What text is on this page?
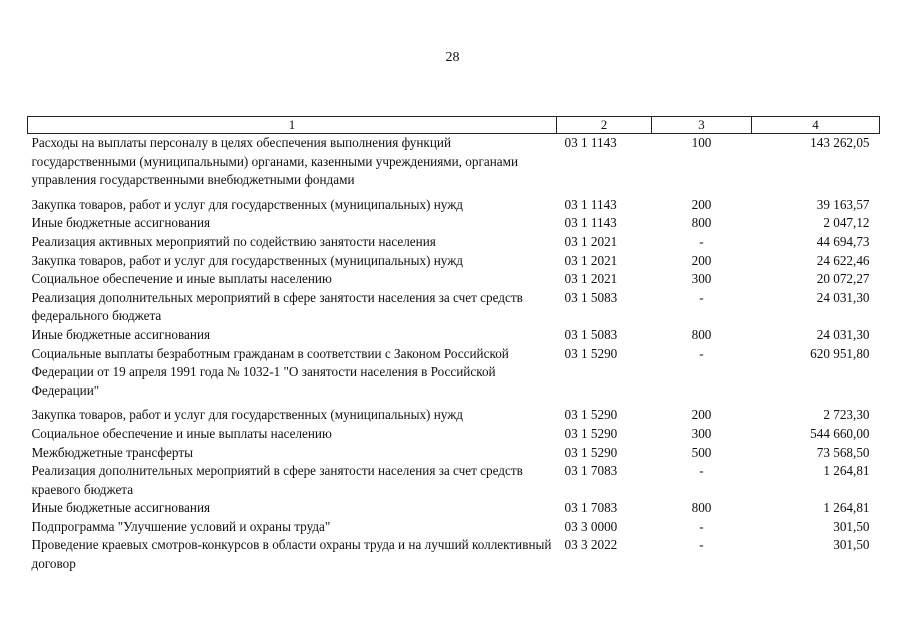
28
1	2	3	4
Расходы на выплаты персоналу в целях обеспечения выполнения функций государственными (муниципальными) органами, казенными учреждениями, органами управления государственными внебюджетными фондами	03 1 1143	100	143 262,05
Закупка товаров, работ и услуг для государственных (муниципальных) нужд	03 1 1143	200	39 163,57
Иные бюджетные ассигнования	03 1 1143	800	2 047,12
Реализация активных мероприятий по содействию занятости населения	03 1 2021	-	44 694,73
Закупка товаров, работ и услуг для государственных (муниципальных) нужд	03 1 2021	200	24 622,46
Социальное обеспечение и иные выплаты населению	03 1 2021	300	20 072,27
Реализация дополнительных мероприятий в сфере занятости населения за счет средств федерального бюджета	03 1 5083	-	24 031,30
Иные бюджетные ассигнования	03 1 5083	800	24 031,30
Социальные выплаты безработным гражданам в соответствии с Законом Российской Федерации от 19 апреля 1991 года № 1032-1 "О занятости населения в Российской Федерации"	03 1 5290	-	620 951,80
Закупка товаров, работ и услуг для государственных (муниципальных) нужд	03 1 5290	200	2 723,30
Социальное обеспечение и иные выплаты населению	03 1 5290	300	544 660,00
Межбюджетные трансферты	03 1 5290	500	73 568,50
Реализация дополнительных мероприятий в сфере занятости населения за счет средств краевого бюджета	03 1 7083	-	1 264,81
Иные бюджетные ассигнования	03 1 7083	800	1 264,81
Подпрограмма "Улучшение условий и охраны труда"	03 3 0000	-	301,50
Проведение краевых смотров-конкурсов в области охраны труда и на лучший коллективный договор	03 3 2022	-	301,50
